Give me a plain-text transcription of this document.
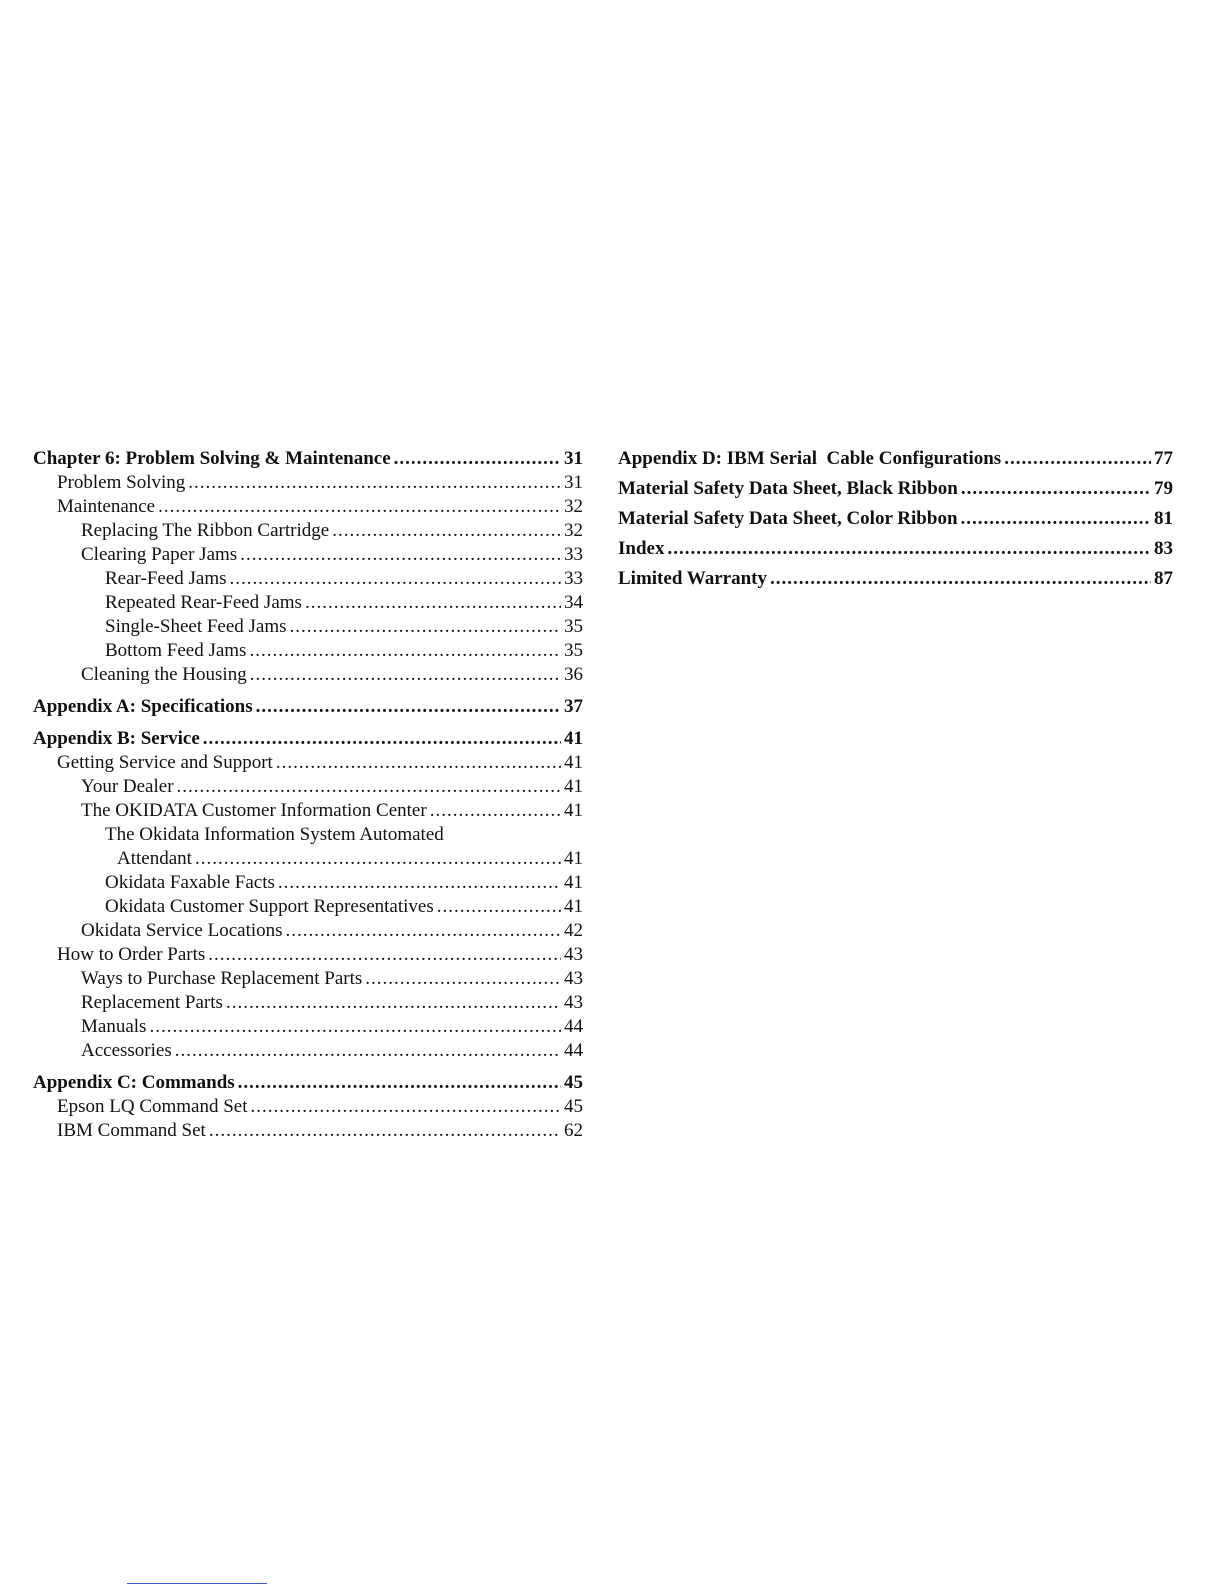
Chapter 6: Problem Solving & Maintenance .....	31
Problem Solving .....	31
Maintenance .....	32
Replacing The Ribbon Cartridge .....	32
Clearing Paper Jams .....	33
Rear-Feed Jams .....	33
Repeated Rear-Feed Jams .....	34
Single-Sheet Feed Jams .....	35
Bottom Feed Jams .....	35
Cleaning the Housing .....	36
Appendix A: Specifications .....	37
Appendix B: Service .....	41
Getting Service and Support .....	41
Your Dealer .....	41
The OKIDATA Customer Information Center .....	41
The Okidata Information System Automated
Attendant .....	41
Okidata Faxable Facts .....	41
Okidata Customer Support Representatives .....	41
Okidata Service Locations .....	42
How to Order Parts .....	43
Ways to Purchase Replacement Parts .....	43
Replacement Parts .....	43
Manuals .....	44
Accessories .....	44
Appendix C: Commands .....	45
Epson LQ Command Set .....	45
IBM Command Set .....	62
Appendix D: IBM Serial  Cable Configurations .....	77
Material Safety Data Sheet, Black Ribbon .....	79
Material Safety Data Sheet, Color Ribbon .....	81
Index .....	83
Limited Warranty .....	87
